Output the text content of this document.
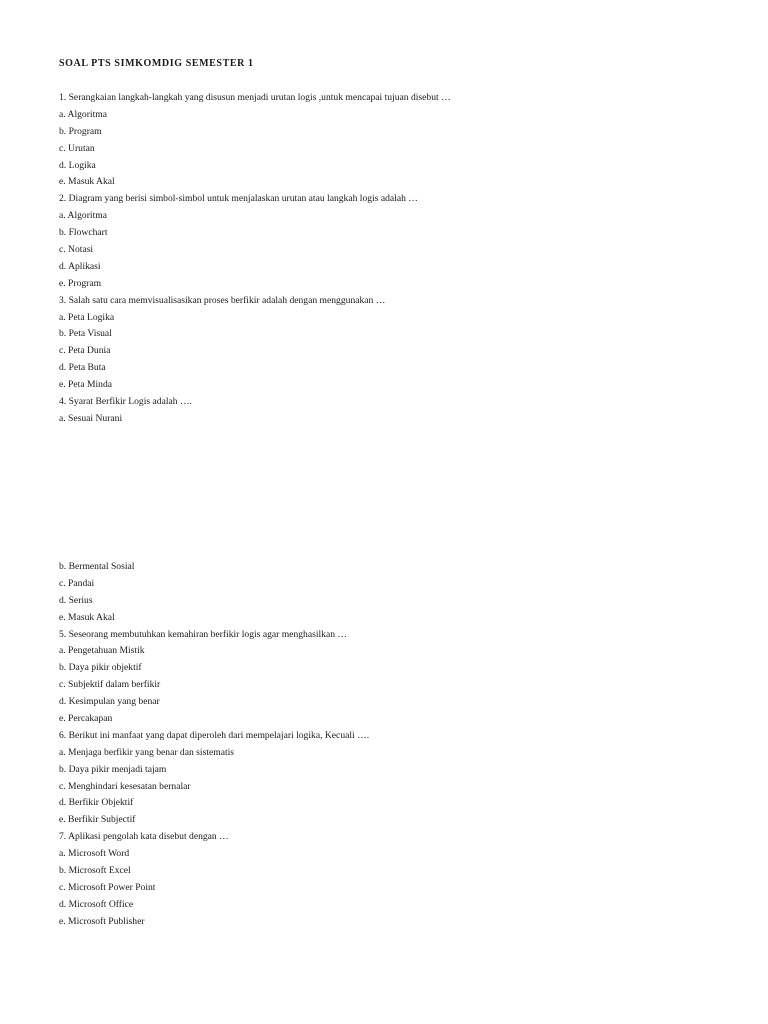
SOAL PTS SIMKOMDIG SEMESTER 1
1. Serangkaian langkah-langkah yang disusun menjadi urutan logis ,untuk mencapai tujuan disebut …
a. Algoritma
b. Program
c. Urutan
d. Logika
e. Masuk Akal
2. Diagram yang berisi simbol-simbol untuk menjalaskan urutan atau langkah logis adalah …
a. Algoritma
b. Flowchart
c. Notasi
d. Aplikasi
e. Program
3. Salah satu cara memvisualisasikan proses berfikir adalah dengan menggunakan …
a. Peta Logika
b. Peta Visual
c. Peta Dunia
d. Peta Buta
e. Peta Minda
4. Syarat Berfikir Logis adalah ….
a. Sesuai Nurani
b. Bermental Sosial
c. Pandai
d. Serius
e. Masuk Akal
5. Seseorang membutuhkan kemahiran berfikir logis agar menghasilkan …
a. Pengetahuan Mistik
b. Daya pikir objektif
c. Subjektif dalam berfikir
d. Kesimpulan yang benar
e. Percakapan
6. Berikut ini manfaat yang dapat diperoleh dari mempelajari logika, Kecuali ….
a. Menjaga berfikir yang benar dan sistematis
b. Daya pikir menjadi tajam
c. Menghindari kesesatan bernalar
d. Berfikir Objektif
e. Berfikir Subjectif
7. Aplikasi pengolah kata disebut dengan …
a. Microsoft Word
b. Microsoft Excel
c. Microsoft Power Point
d. Microsoft Office
e. Microsoft Publisher
